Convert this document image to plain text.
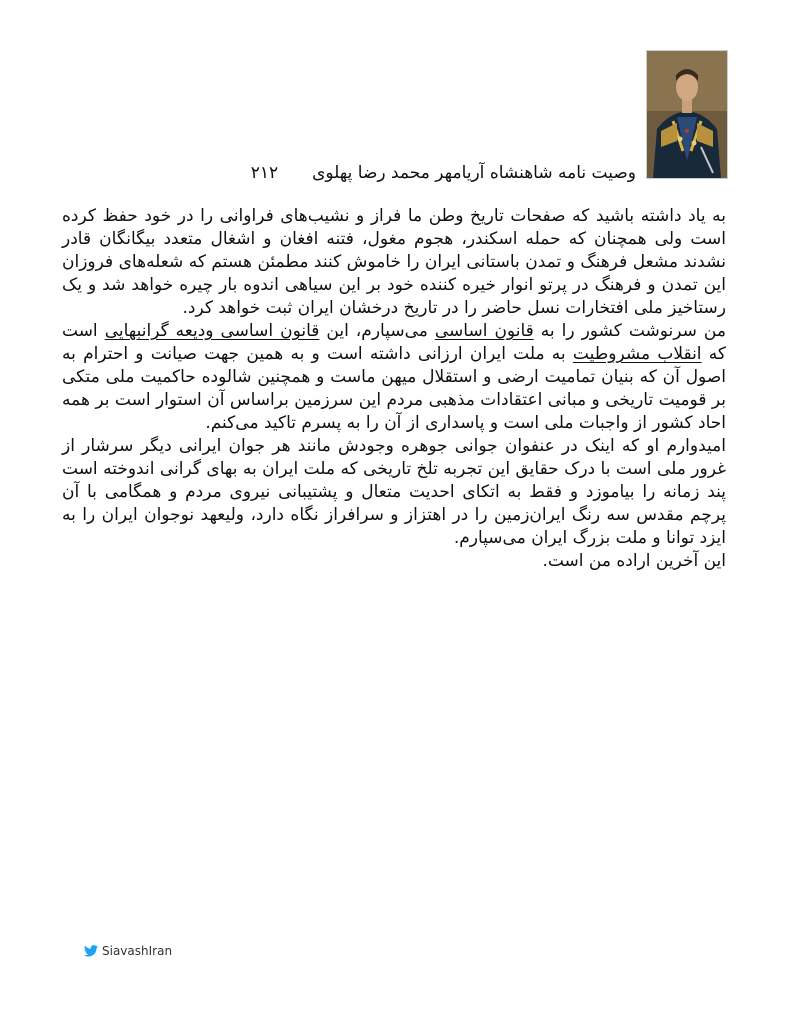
وصیت نامه شاهنشاه آریامهر محمد رضا پهلوی
۲۱۲

به یاد داشته باشید که صفحات تاریخ وطن ما فراز و نشیب‌های فراوانی را در خود حفظ کرده است ولی همچنان که حمله اسکندر، هجوم مغول، فتنه افغان و اشغال متعدد بیگانگان قادر نشدند مشعل فرهنگ و تمدن باستانی ایران را خاموش کنند مطمئن هستم که شعله‌های فروزان این تمدن و فرهنگ در پرتو انوار خیره کننده خود بر این سیاهی اندوه بار چیره خواهد شد و یک رستاخیز ملی افتخارات نسل حاضر را در تاریخ درخشان ایران ثبت خواهد کرد.

من سرنوشت کشور را به قانون اساسی می‌سپارم، این قانون اساسی ودیعه گرانبهایی است که انقلاب مشروطیت به ملت ایران ارزانی داشته است و به همین جهت صیانت و احترام به اصول آن که بنیان تمامیت ارضی و استقلال میهن ماست و همچنین شالوده حاکمیت ملی متکی بر قومیت تاریخی و مبانی اعتقادات مذهبی مردم این سرزمین براساس آن استوار است بر همه احاد کشور از واجبات ملی است و پاسداری از آن را به پسرم تاکید می‌کنم.

امیدوارم او که اینک در عنفوان جوانی جوهره وجودش مانند هر جوان ایرانی دیگر سرشار از غرور ملی است با درک حقایق این تجربه تلخ تاریخی که ملت ایران به بهای گرانی اندوخته است پند زمانه را بیاموزد و فقط به اتکای احدیت متعال و پشتیبانی نیروی مردم و همگامی با آن پرچم مقدس سه رنگ ایران‌زمین را در اهتزاز و سرافراز نگاه دارد، ولیعهد نوجوان ایران را به ایزد توانا و ملت بزرگ ایران می‌سپارم.

این آخرین اراده من است.

SiavashIran
